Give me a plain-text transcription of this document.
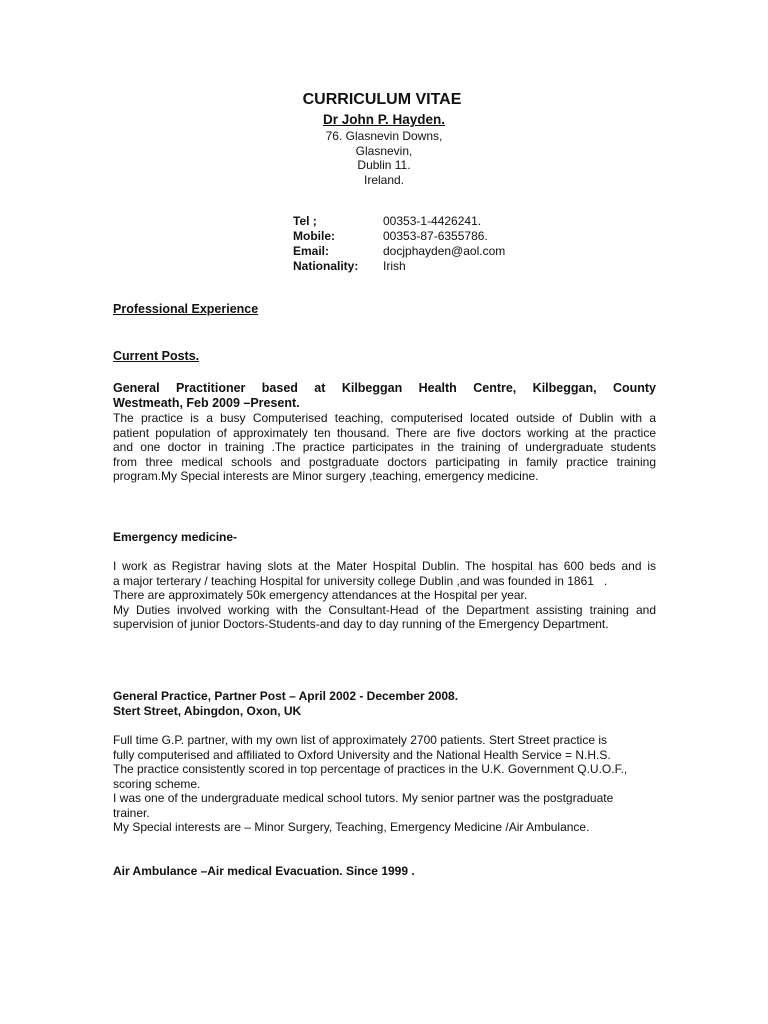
CURRICULUM VITAE
Dr John P. Hayden.
76. Glasnevin Downs,
Glasnevin,
Dublin 11.
Ireland.
Tel ;	00353-1-4426241.
Mobile:	00353-87-6355786.
Email:	docjphayden@aol.com
Nationality:	Irish
Professional Experience
Current Posts.
General Practitioner based at Kilbeggan Health Centre, Kilbeggan, County
Westmeath, Feb 2009 –Present.
The practice is a busy Computerised teaching, computerised located outside of Dublin with a
patient population of approximately ten thousand. There are five doctors working at the practice
and one doctor in training .The practice participates in the training of undergraduate students
from three medical schools and postgraduate doctors participating in family practice training
program.My Special interests are Minor surgery ,teaching, emergency medicine.
Emergency medicine-
I work as Registrar having slots at the Mater Hospital Dublin. The hospital has 600 beds and is
a major terterary / teaching Hospital for university college Dublin ,and was founded in 1861   .
There are approximately 50k emergency attendances at the Hospital per year.
My Duties involved working with the Consultant-Head of the Department assisting training and
supervision of junior Doctors-Students-and day to day running of the Emergency Department.
General Practice, Partner Post – April 2002 - December 2008.
Stert Street, Abingdon, Oxon, UK
Full time G.P. partner, with my own list of approximately 2700 patients. Stert Street practice is
fully computerised and affiliated to Oxford University and the National Health Service = N.H.S.
The practice consistently scored in top percentage of practices in the U.K. Government Q.U.O.F.,
scoring scheme.
I was one of the undergraduate medical school tutors. My senior partner was the postgraduate
trainer.
My Special interests are – Minor Surgery, Teaching, Emergency Medicine /Air Ambulance.
Air Ambulance –Air medical Evacuation. Since 1999 .
